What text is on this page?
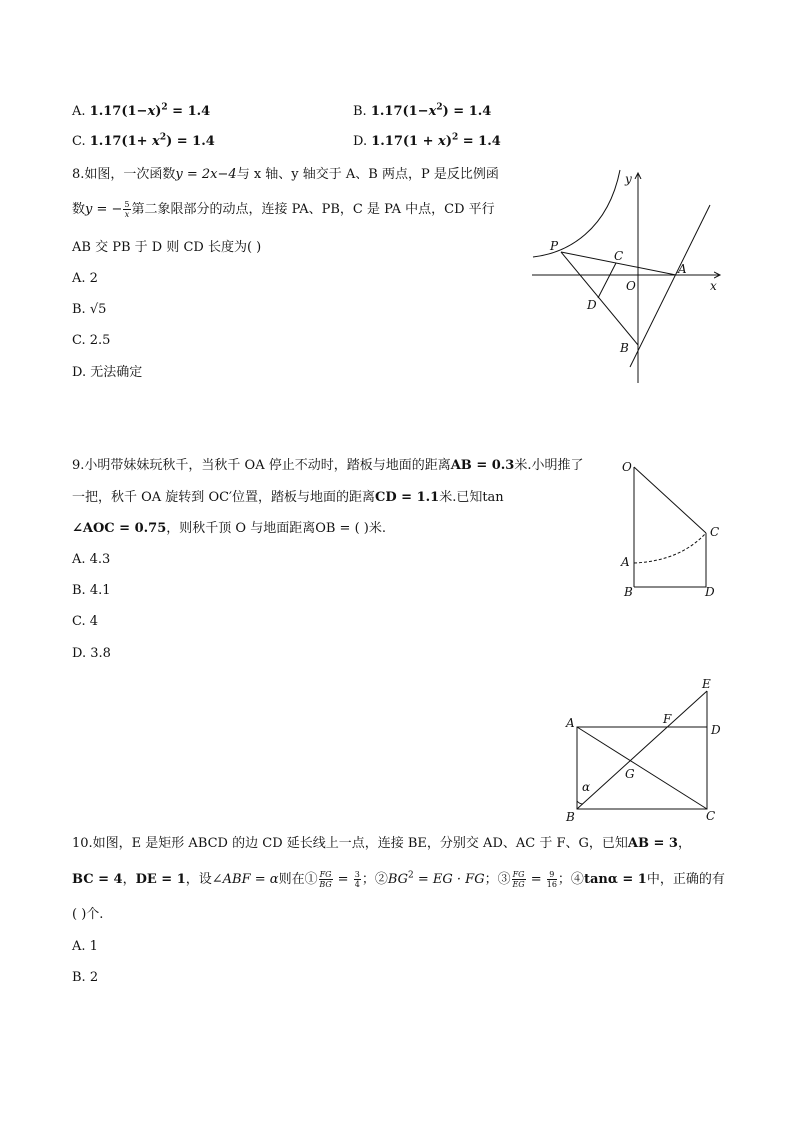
A. $1.17(1-x)^2 = 1.4$	B. $1.17(1-x^2) = 1.4$
C. $1.17(1+ x^2) = 1.4$	D. $1.17(1 + x)^2 = 1.4$
8.如图，一次函数y = 2x−4与 x 轴、y 轴交于 A、B 两点，P 是反比例函
数y = − $\frac{5}{x}$ 第二象限部分的动点，连接 PA、PB，C 是 PA 中点，CD 平行
AB 交 PB 于 D 则 CD 长度为( )
A. 2
B. √5
C. 2.5
D. 无法确定
P
C
A
O
D
B
x
y
9.小明带妹妹玩秋千，当秋千 OA 停止不动时，踏板与地面的距离AB = 0.3米.小明推了
一把，秋千 OA 旋转到 OC′位置，踏板与地面的距离CD = 1.1米.已知tan
∠AOC = 0.75，则秋千顶 O 与地面距离OB = ( )米.
A. 4.3
B. 4.1
C. 4
D. 3.8
O
C
A
B	D
E
A	F
D
G
α
B	C
10.如图，E 是矩形 ABCD 的边 CD 延长线上一点，连接 BE，分别交 AD、AC 于 F、G，已知AB = 3，
BC = 4，DE = 1，设∠ABF = α则在① $\frac{FG}{BG} = \frac{3}{4}$ ；$②BG^2$ = EG · FG；③ $\frac{FG}{EG} = \frac{9}{16}$ ；④tanα = 1中，正确的有
( )个.
A. 1
B. 2
